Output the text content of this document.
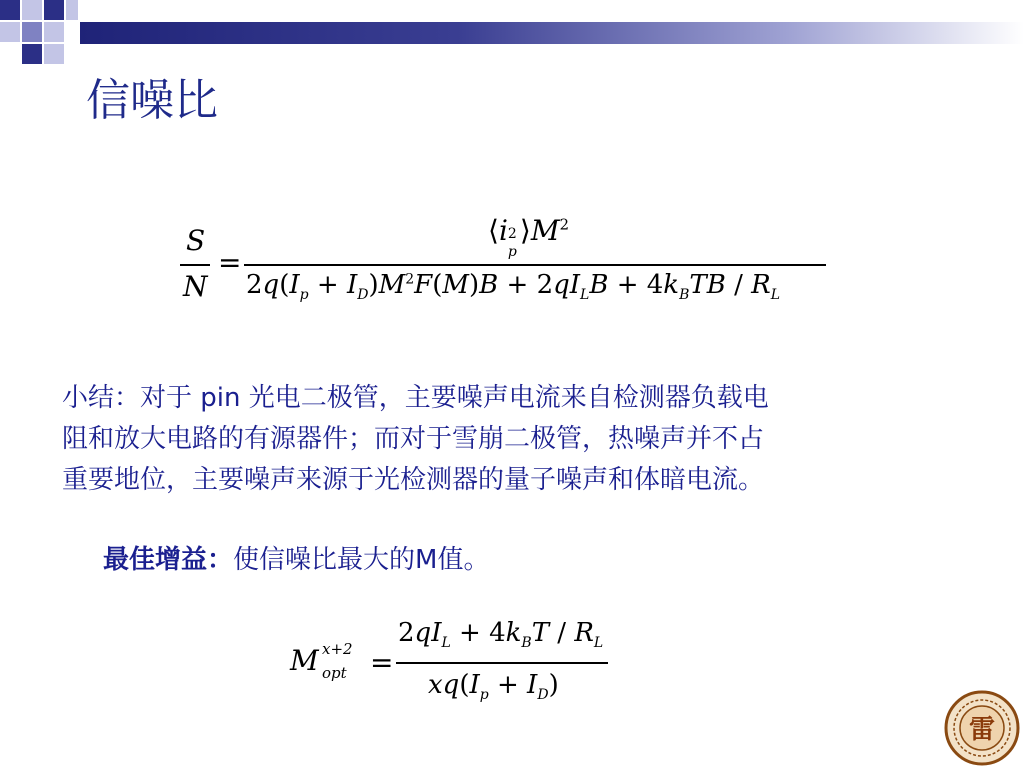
信噪比
S
N
=
⟨i 2
p
$⟩M^2$
$2q(I_p + I_D)M^2F(M)B + 2qI_LB + 4k_BTB / R_L$
小结：对于 pin 光电二极管，主要噪声电流来自检测器负载电
阻和放大电路的有源器件；而对于雪崩二极管，热噪声并不占
重要地位，主要噪声来源于光检测器的量子噪声和体暗电流。
最佳增益：使信噪比最大的M值。
M x+2
opt =
$2qI_L + 4k_BT / R_L$
$xq(I_p + I_D)$
雷
